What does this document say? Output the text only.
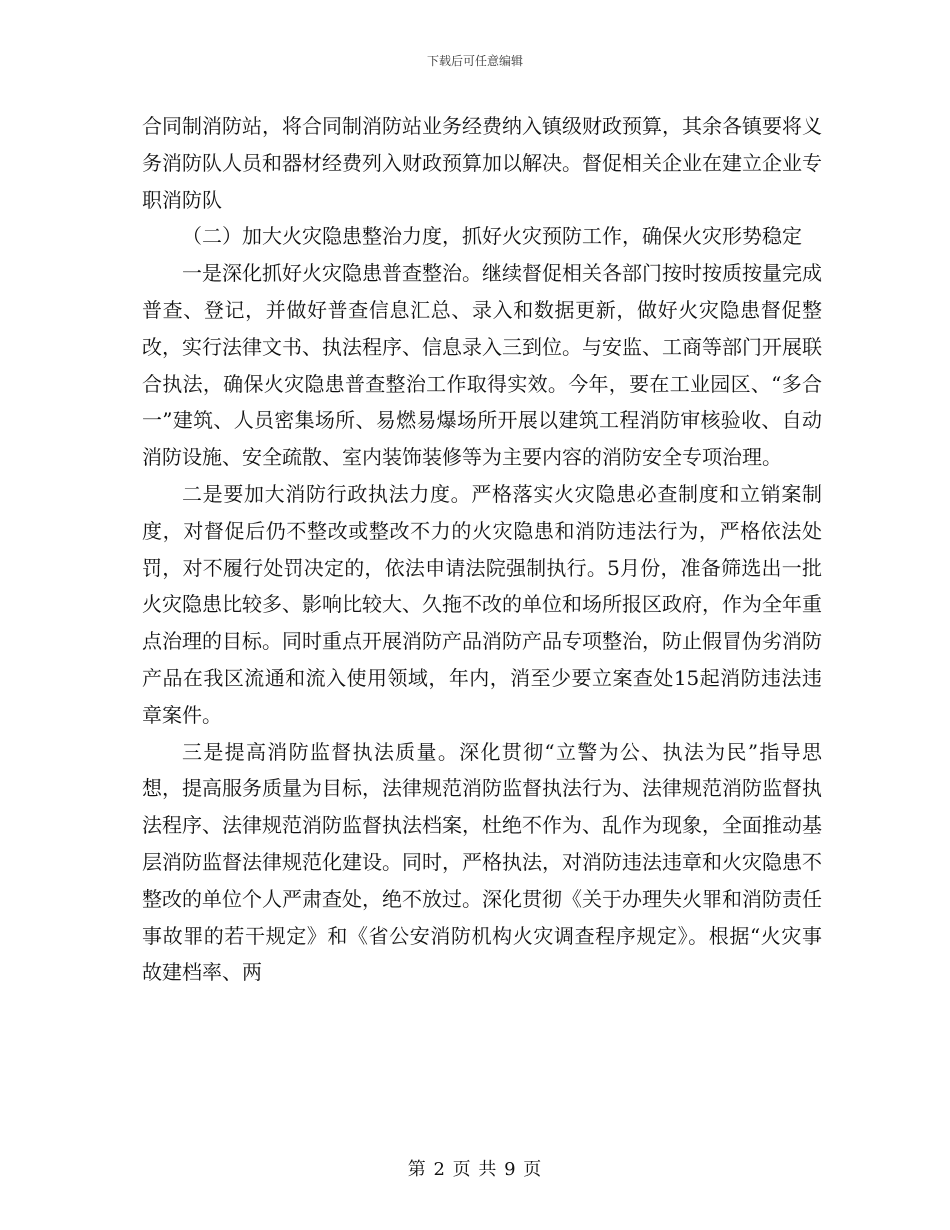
下载后可任意编辑

合同制消防站，将合同制消防站业务经费纳入镇级财政预算，其余各镇要将义务消防队人员和器材经费列入财政预算加以解决。督促相关企业在建立企业专职消防队

（二）加大火灾隐患整治力度，抓好火灾预防工作，确保火灾形势稳定

一是深化抓好火灾隐患普查整治。继续督促相关各部门按时按质按量完成普查、登记，并做好普查信息汇总、录入和数据更新，做好火灾隐患督促整改，实行法律文书、执法程序、信息录入三到位。与安监、工商等部门开展联合执法，确保火灾隐患普查整治工作取得实效。今年，要在工业园区、“多合一”建筑、人员密集场所、易燃易爆场所开展以建筑工程消防审核验收、自动消防设施、安全疏散、室内装饰装修等为主要内容的消防安全专项治理。

二是要加大消防行政执法力度。严格落实火灾隐患必查制度和立销案制度，对督促后仍不整改或整改不力的火灾隐患和消防违法行为，严格依法处罚，对不履行处罚决定的，依法申请法院强制执行。5月份，准备筛选出一批火灾隐患比较多、影响比较大、久拖不改的单位和场所报区政府，作为全年重点治理的目标。同时重点开展消防产品消防产品专项整治，防止假冒伪劣消防产品在我区流通和流入使用领域，年内，消至少要立案查处15起消防违法违章案件。

三是提高消防监督执法质量。深化贯彻“立警为公、执法为民”指导思想，提高服务质量为目标，法律规范消防监督执法行为、法律规范消防监督执法程序、法律规范消防监督执法档案，杜绝不作为、乱作为现象，全面推动基层消防监督法律规范化建设。同时，严格执法，对消防违法违章和火灾隐患不整改的单位个人严肃查处，绝不放过。深化贯彻《关于办理失火罪和消防责任事故罪的若干规定》和《省公安消防机构火灾调查程序规定》。根据“火灾事故建档率、两

第 2 页 共 9 页
